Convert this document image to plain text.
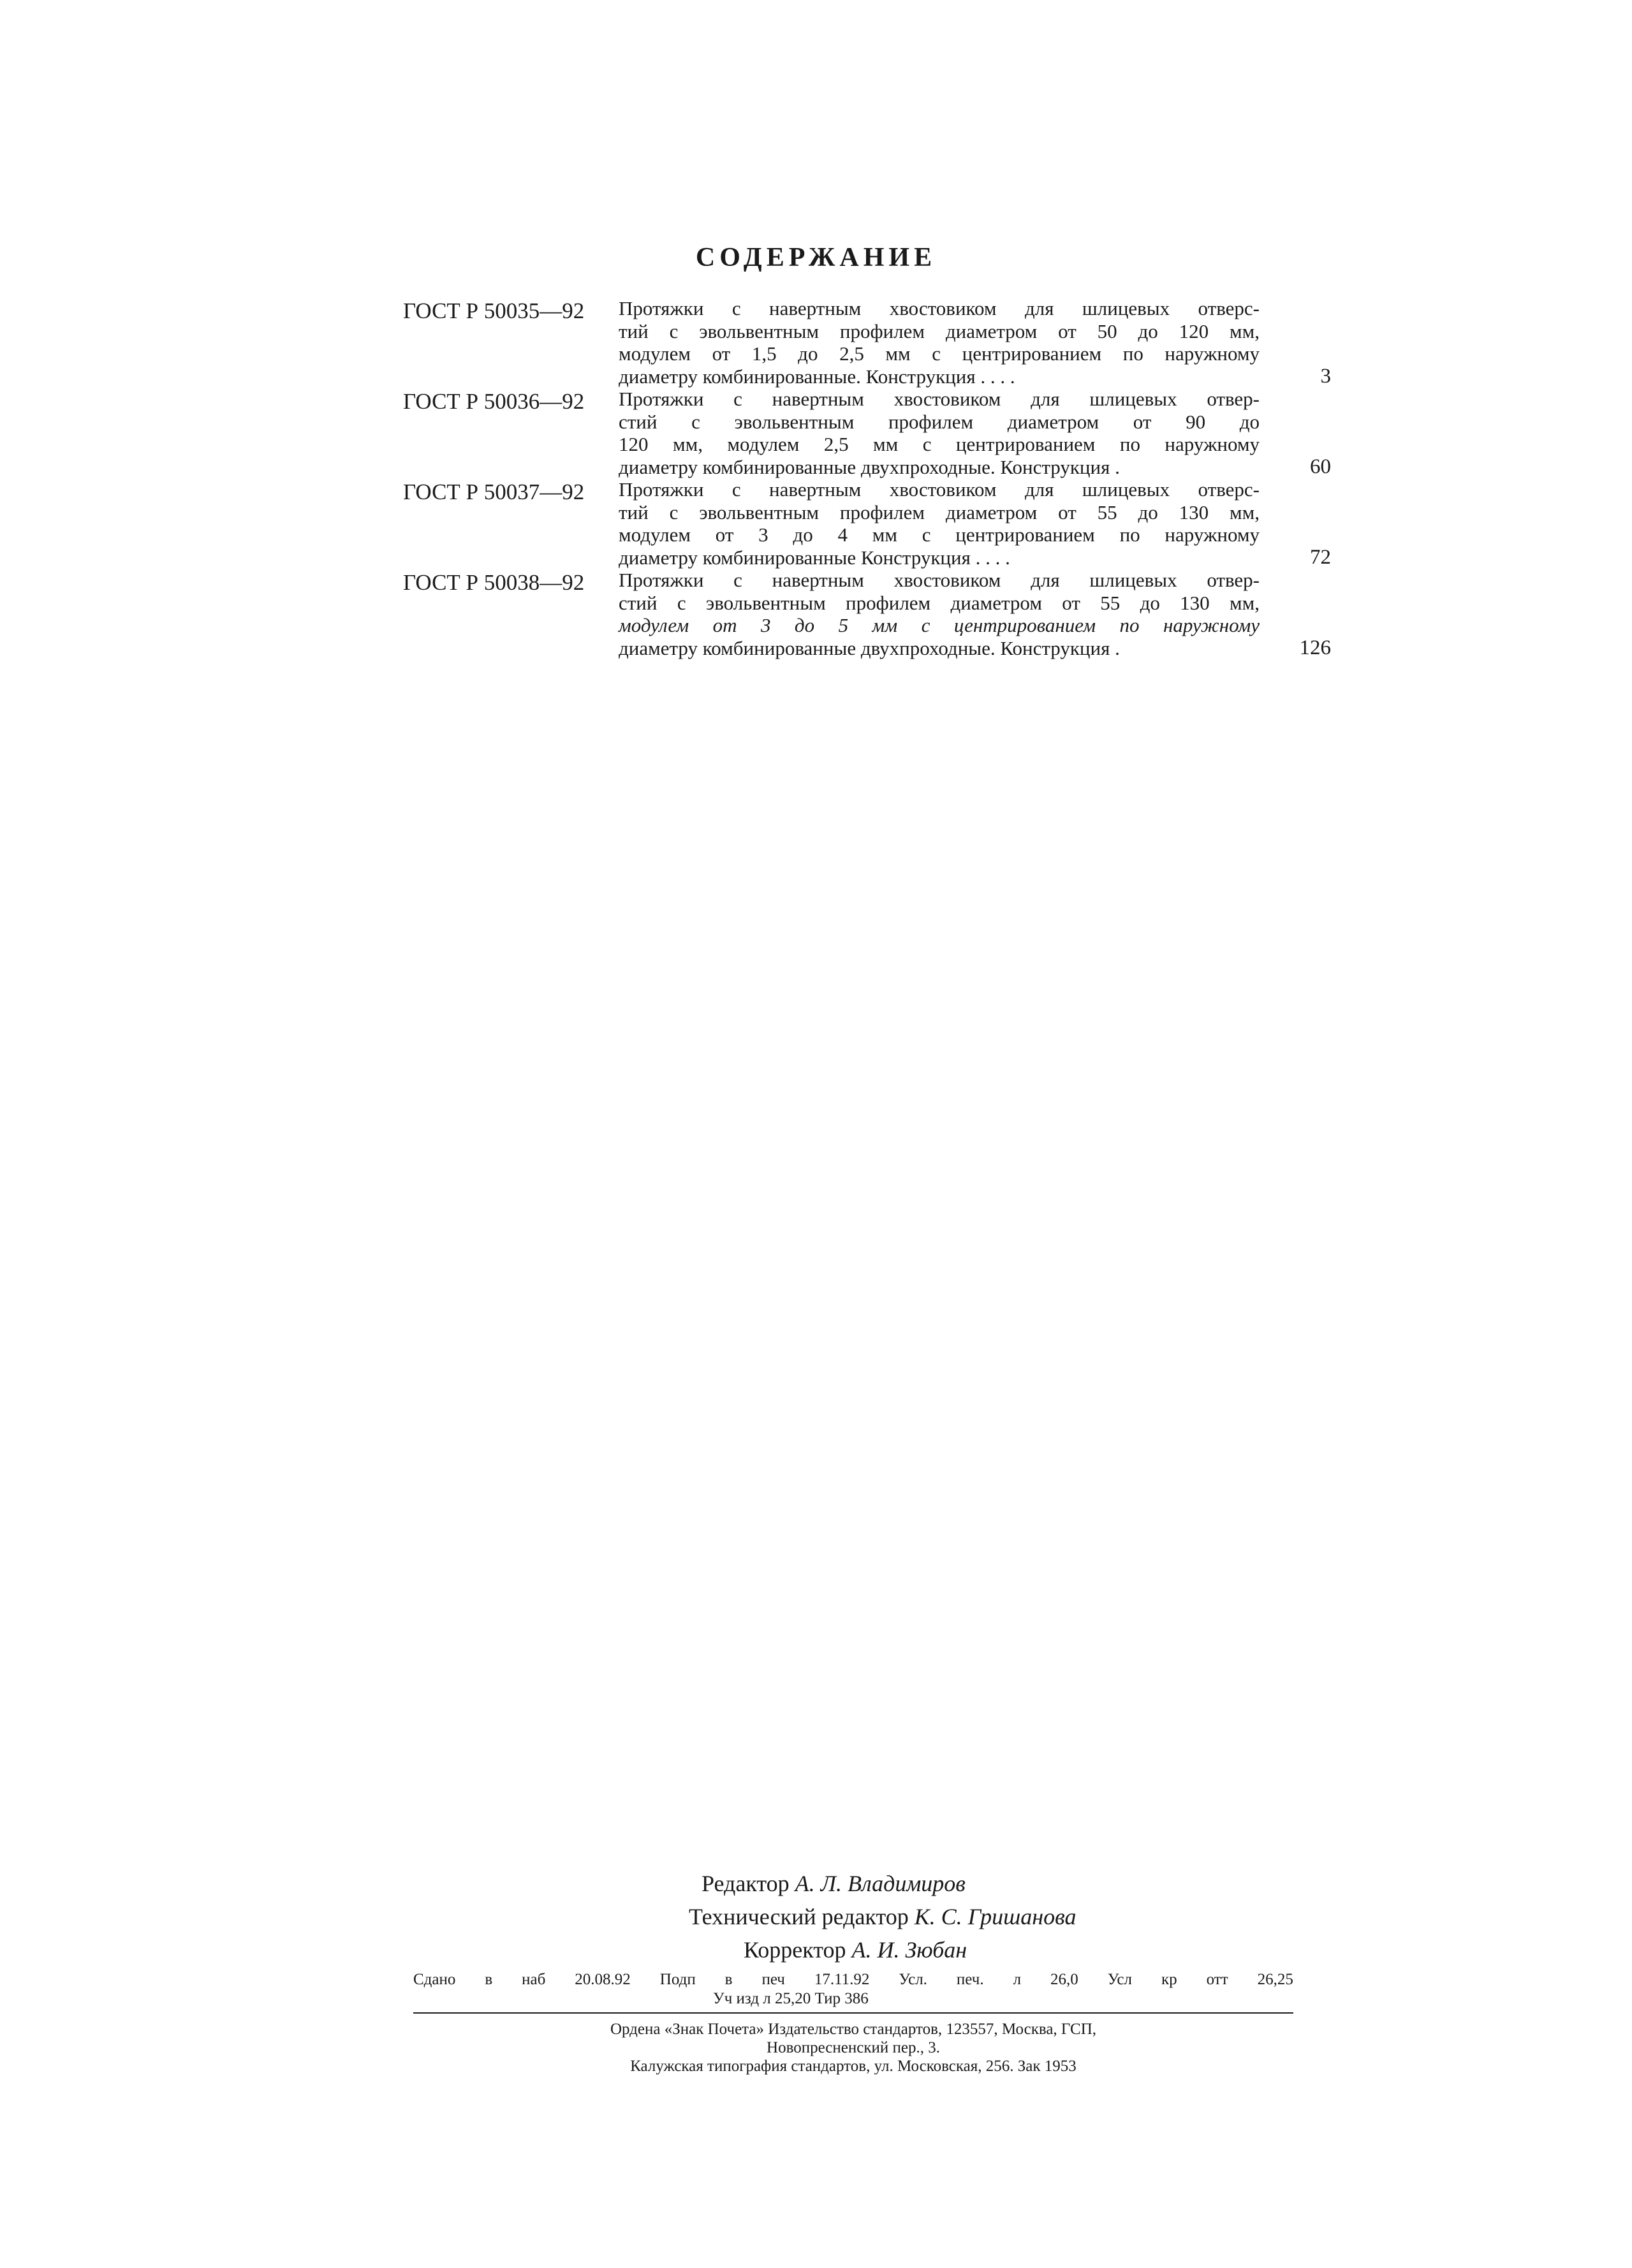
СОДЕРЖАНИЕ
ГОСТ Р 50035—92	Протяжки с навертным хвостовиком для шлицевых отверс-
тий с эвольвентным профилем диаметром от 50 до 120 мм,
модулем от 1,5 до 2,5 мм с центрированием по наружному
диаметру комбинированные. Конструкция . . . .	3
ГОСТ Р 50036—92	Протяжки с навертным хвостовиком для шлицевых отвер-
стий с эвольвентным профилем диаметром от 90 до
120 мм, модулем 2,5 мм с центрированием по наружному
диаметру комбинированные двухпроходные. Конструкция .	60
ГОСТ Р 50037—92	Протяжки с навертным хвостовиком для шлицевых отверс-
тий с эвольвентным профилем диаметром от 55 до 130 мм,
модулем от 3 до 4 мм с центрированием по наружному
диаметру комбинированные Конструкция . . . .	72
ГОСТ Р 50038—92	Протяжки с навертным хвостовиком для шлицевых отвер-
стий с эвольвентным профилем диаметром от 55 до 130 мм,
модулем от 3 до 5 мм с центрированием по наружному
диаметру комбинированные двухпроходные. Конструкция .	126
Редактор А. Л. Владимиров
Технический редактор К. С. Гришанова
Корректор А. И. Зюбан
Сдано в наб 20.08.92 Подп в печ 17.11.92 Усл. печ. л 26,0 Усл кр отт 26,25
Уч изд л 25,20 Тир 386
Ордена «Знак Почета» Издательство стандартов, 123557, Москва, ГСП,
Новопресненский пер., 3.
Калужская типография стандартов, ул. Московская, 256. Зак 1953
